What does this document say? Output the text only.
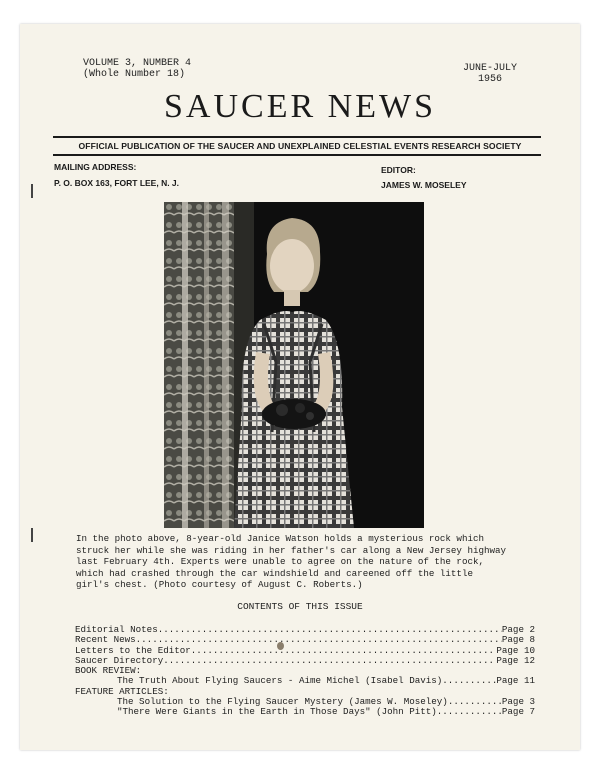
VOLUME 3, NUMBER 4
(Whole Number 18)
JUNE-JULY
1956
SAUCER NEWS
OFFICIAL PUBLICATION OF THE SAUCER AND UNEXPLAINED CELESTIAL EVENTS RESEARCH SOCIETY
MAILING ADDRESS:
P. O. BOX 163, FORT LEE, N. J.
EDITOR:
JAMES W. MOSELEY
In the photo above, 8-year-old Janice Watson holds a mysterious rock which
struck her while she was riding in her father's car along a New Jersey highway
last February 4th. Experts were unable to agree on the nature of the rock,
which had crashed through the car windshield and careened off the little
girl's chest. (Photo courtesy of August C. Roberts.)
CONTENTS OF THIS ISSUE
Editorial Notes .....	Page 2
Recent News .....	Page 8
Letters to the Editor .....	Page 10
Saucer Directory .....	Page 12
BOOK REVIEW:
The Truth About Flying Saucers - Aime Michel (Isabel Davis) .....	Page 11
FEATURE ARTICLES:
The Solution to the Flying Saucer Mystery (James W. Moseley) .....	Page 3
"There Were Giants in the Earth in Those Days" (John Pitt) .....	Page 7
